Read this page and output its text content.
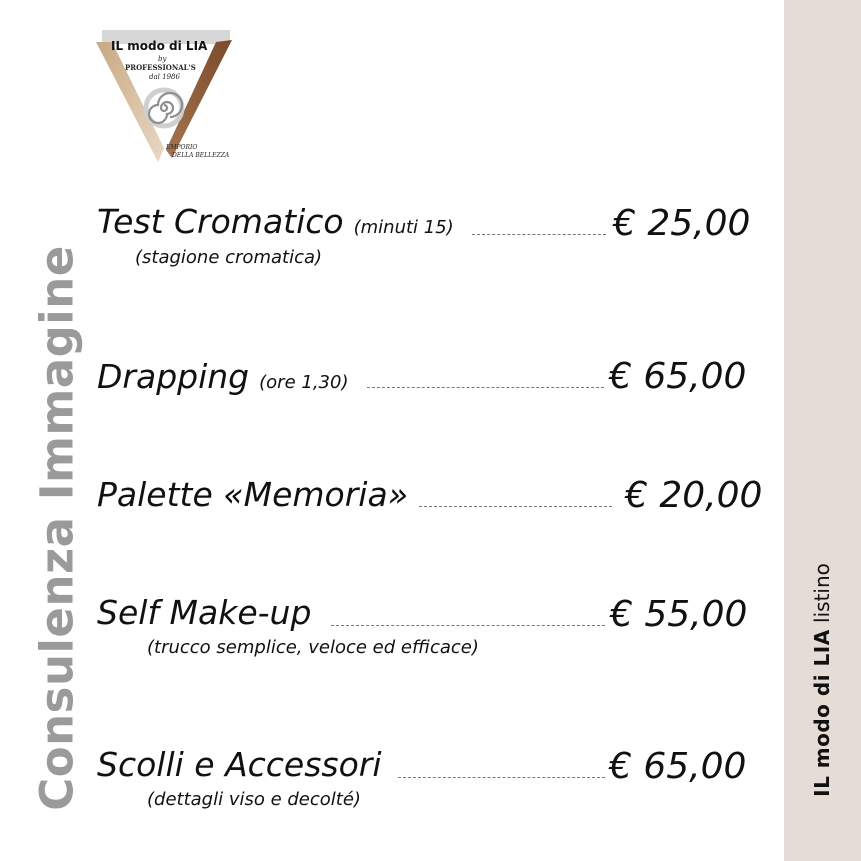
IL modo di LIA
by
PROFESSIONAL'S
dal 1986
EMPORIO
DELLA BELLEZZA
Consulenza Immagine
Test Cromatico (minuti 15)	€ 25,00
(stagione cromatica)
Drapping (ore 1,30)	€ 65,00
Palette «Memoria»	€ 20,00
Self Make-up	€ 55,00
(trucco semplice, veloce ed efficace)
Scolli e Accessori	€ 65,00
(dettagli viso e decolté)
IL modo di LIA listino
